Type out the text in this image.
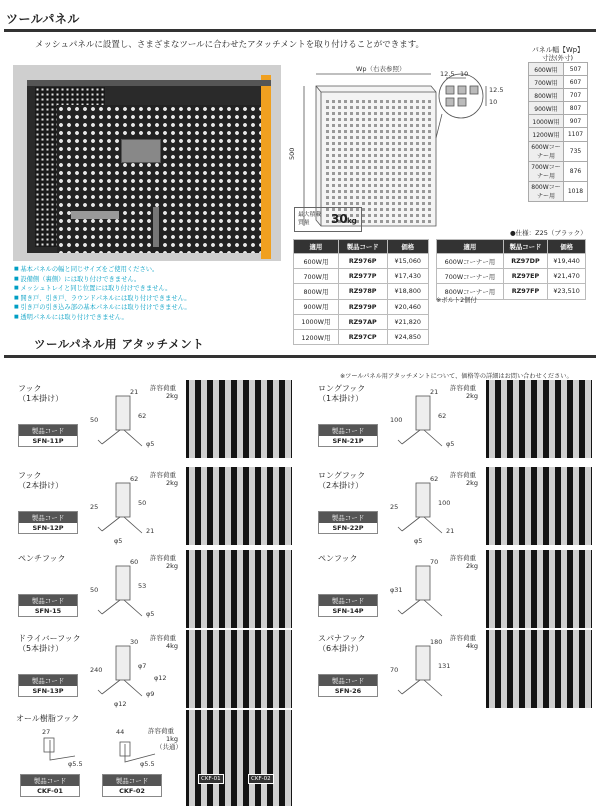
ツールパネル
メッシュパネルに設置し、さまざまなツールに合わせたアタッチメントを取り付けることができます。	パネル幅【Wp】
寸法(外寸)
600W用	507
700W用	607
800W用	707
900W用	807
1000W用	907
1200W用	1107
600Wコーナー用	735
700Wコーナー用	876
800Wコーナー用	1018
■ 基本パネルの幅と同じサイズをご使用ください。
■ 設備側（裏側）には取り付けできません。
■ メッシュトレイと同じ位置には取り付けできません。
■ 開き戸、引き戸、ラウンドパネルには取り付けできません。
■ 引き戸の引き込み部の基本パネルには取り付けできません。
■ 透明パネルには取り付けできません。
500
Wp（右表参照）
12.5 10
12.5
10
最大積載質量	30 kg
●仕様：Z25（ブラック）
適用	製品コード	価格
600W用	RZ976P	¥15,060
700W用	RZ977P	¥17,430
800W用	RZ978P	¥18,800
900W用	RZ979P	¥20,460
1000W用	RZ97AP	¥21,820
1200W用	RZ97CP	¥24,850
適用	製品コード	価格
600Wコーナー用	RZ97DP	¥19,440
700Wコーナー用	RZ97EP	¥21,470
800Wコーナー用	RZ97FP	¥23,510
※ボルト2個付
ツールパネル用 アタッチメント
※ツールパネル用アタッチメントについて、価格等の詳細はお問い合わせください。
フック
（1本掛け）
許容荷重
2kg
製品コード
SFN-11P
21
50	62
φ5
ロングフック
（1本掛け）
許容荷重
2kg
製品コード
SFN-21P
21
100	62
φ5
フック
（2本掛け）
許容荷重
2kg
製品コード
SFN-12P
62
25	50
21
φ5
ロングフック
（2本掛け）
許容荷重
2kg
製品コード
SFN-22P
62
25	100
21
φ5
ペンチフック	許容荷重
2kg
製品コード
SFN-15
60
50	53
φ5
ペンフック	許容荷重
2kg
製品コード
SFN-14P
70
φ31
ドライバーフック
（5本掛け）
許容荷重
4kg
製品コード
SFN-13P
30
240	φ7
φ9
φ12
φ12
スパナフック
（6本掛け）
許容荷重
4kg
製品コード
SFN-26
180
70	131
オール樹脂フック
許容荷重
1kg
（共通）
27
φ5.5
44
φ5.5
製品コード
CKF-01
製品コード
CKF-02
CKF-01	CKF-02
